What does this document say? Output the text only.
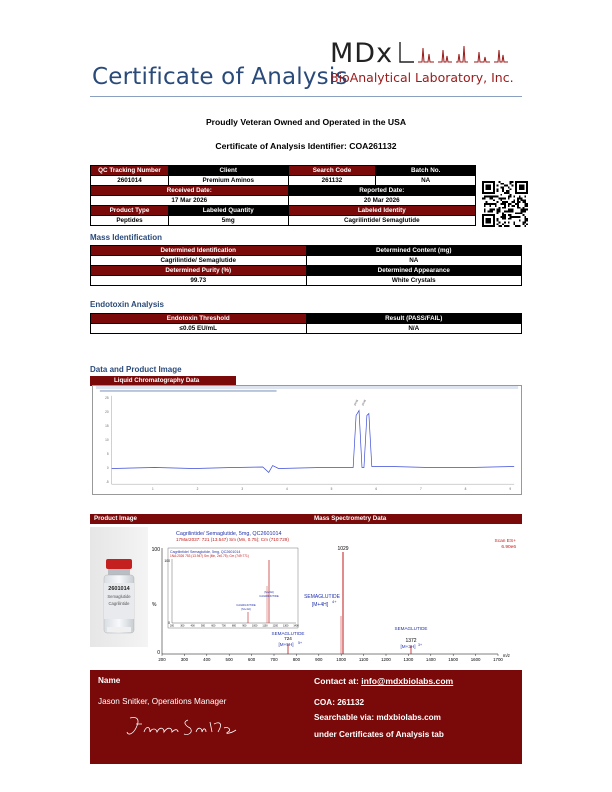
Certificate of Analysis
MDx
BioAnalytical Laboratory, Inc.
Proudly Veteran Owned and Operated in the USA
Certificate of Analysis Identifier: COA261132
QC Tracking Number	Client	Search Code	Batch No.
2601014	Premium Aminos	261132	NA
Received Date:		Reported Date:	
17 Mar 2026		20 Mar 2026	
Product Type	Labeled Quantity	Labeled Identity	
Peptides	5mg	Cagrilintide/ Semaglutide	
Mass Identification
Determined Identification	Determined Content (mg)
Cagrilintide/ Semaglutide	NA
Determined Purity (%)	Determined Appearance
99.73	White Crystals
Endotoxin Analysis
Endotoxin Threshold	Result (PASS/FAIL)
≤0.05 EU/mL	N/A
Data and Product Image
Liquid Chromatography Data
25
20
15
10
5
0
-5
1	2	3	4	5	6	7	8	9
peak peak
Product Image	Mass Spectrometry Data
2601014
Semaglutide
Cagrilintide
Cagrilintide/ Semaglutide, 5mg, QC2601014
17Mar2037: 721 (13.547) Sm (Mn, 0.75); Cm (710:729)	Scan ES+
6.90e6
100
%
0
200	300	400	500	600	700	800	900	1000	1100	1200	1300	1400	1500	1600	1700
m/z
Cagrilintide/ Semaglutide, 5mg, QC2601014
1NA:2026 753 (13.947) Sm (Mn, 2x0.75); Cm (749:771)
100
0
200	300	400	500	600	700	800	900 1000 1100 1200 1300 1400
CAGRILINTIDE
[M+4H]
[M+3H]
CAGRILINTIDE
1029
SEMAGLUTIDE
[M+4H]
4+
1372
SEMAGLUTIDE
[M+3H] 3+
SEMAGLUTIDE
724
[M+5H] 5+
Name
Jason Snitker, Operations Manager
Contact at: info@mdxbiolabs.com
COA: 261132
Searchable via: mdxbiolabs.com
under Certificates of Analysis tab
